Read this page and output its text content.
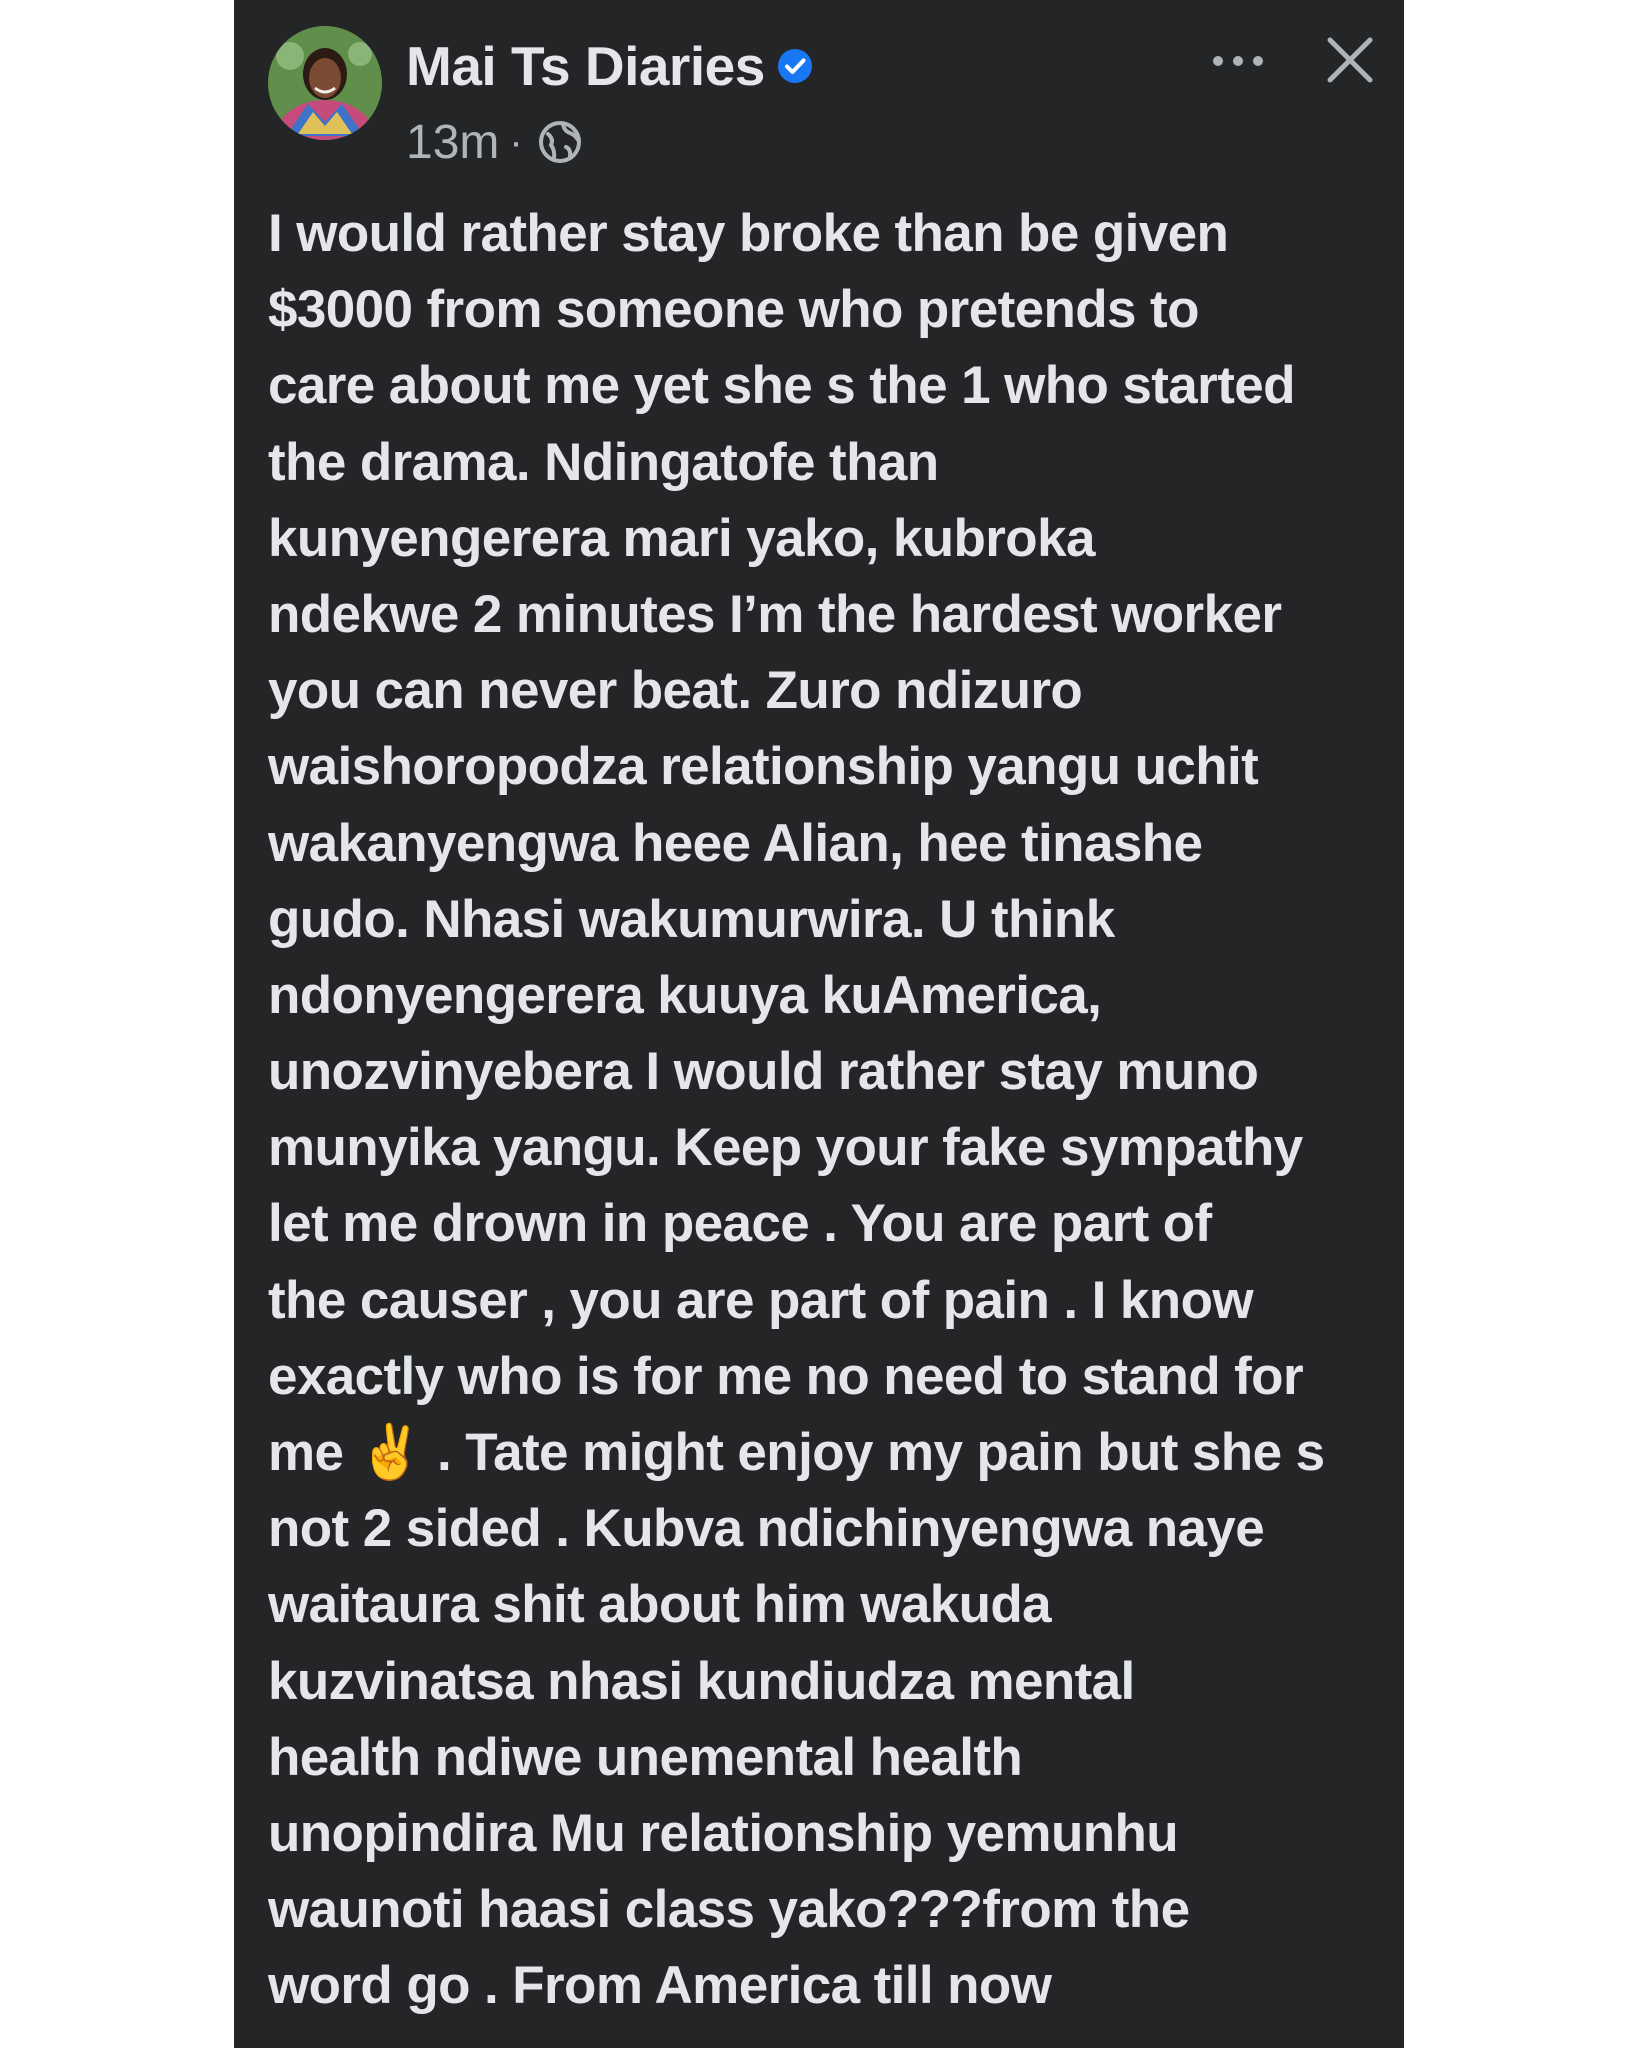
Mai Ts Diaries
13m ·
I would rather stay broke than be given
$3000 from someone who pretends to
care about me yet she s the 1 who started
the drama. Ndingatofe than
kunyengerera mari yako, kubroka
ndekwe 2 minutes I’m the hardest worker
you can never beat. Zuro ndizuro
waishoropodza relationship yangu uchit
wakanyengwa heee Alian, hee tinashe
gudo. Nhasi wakumurwira. U think
ndonyengerera kuuya kuAmerica,
unozvinyebera I would rather stay muno
munyika yangu. Keep your fake sympathy
let me drown in peace . You are part of
the causer , you are part of pain . I know
exactly who is for me no need to stand for
me ✌️ . Tate might enjoy my pain but she s
not 2 sided . Kubva ndichinyengwa naye
waitaura shit about him wakuda
kuzvinatsa nhasi kundiudza mental
health ndiwe unemental health
unopindira Mu relationship yemunhu
waunoti haasi class yako???from the
word go . From America till now
